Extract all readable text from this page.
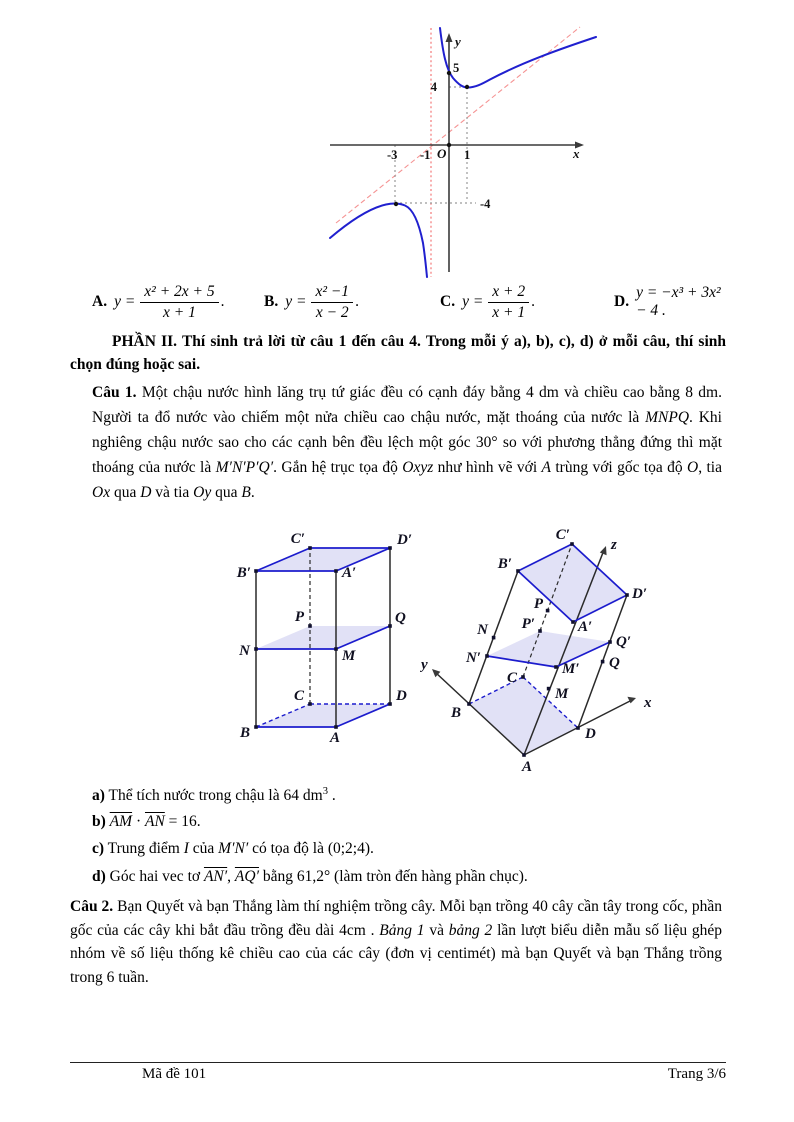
y
x
O 1
-1
-3
4
5
-4
A. $y = \frac{\text{x² + 2x + 5}}{x + 1}$ .	B. $y = \frac{\text{x² −1}}{x - 2}$ .	C. $y = \frac{x + 2}{x + 1}$ .	D.
y = −x³ + 3x² − 4 .

PHẦN II. Thí sinh trả lời từ câu 1 đến câu 4. Trong mỗi ý a), b), c), d) ở mỗi câu, thí sinh chọn đúng hoặc sai.

Câu 1. Một chậu nước hình lăng trụ tứ giác đều có cạnh đáy bằng 4 dm và chiều cao bằng 8 dm. Người ta đổ nước vào chiếm một nửa chiều cao chậu nước, mặt thoáng của nước là MNPQ. Khi nghiêng chậu nước sao cho các cạnh bên đều lệch một góc 30° so với phương thẳng đứng thì mặt thoáng của nước là M′N′P′Q′. Gắn hệ trục tọa độ Oxyz như hình vẽ với A trùng với gốc tọa độ O, tia Ox qua D và tia Oy qua B.

C′	D′
B′	A′
P	Q
N	M
C	D
B	A
C′
z
B′
D′
P
P′	A′
N
Q′
N′
M′ Q
y
C
M
B
x
D
A
a) Thể tích nước trong chậu là 64 $dm^3$ .
b) $\overline{AM} \cdot \overline{AN} = 16$.
c) Trung điểm I của M′N′ có tọa độ là (0;2;4).
d) Góc hai vec tơ AN′, AQ′ bằng 61,2° (làm tròn đến hàng phần chục).

Câu 2. Bạn Quyết và bạn Thắng làm thí nghiệm trồng cây. Mỗi bạn trồng 40 cây cần tây trong cốc, phần gốc của các cây khi bắt đầu trồng đều dài 4cm . Bảng 1 và bảng 2 lần lượt biểu diễn mẫu số liệu ghép nhóm về số liệu thống kê chiều cao của các cây (đơn vị centimét) mà bạn Quyết và bạn Thắng trồng trong 6 tuần.

Mã đề 101	Trang 3/6
